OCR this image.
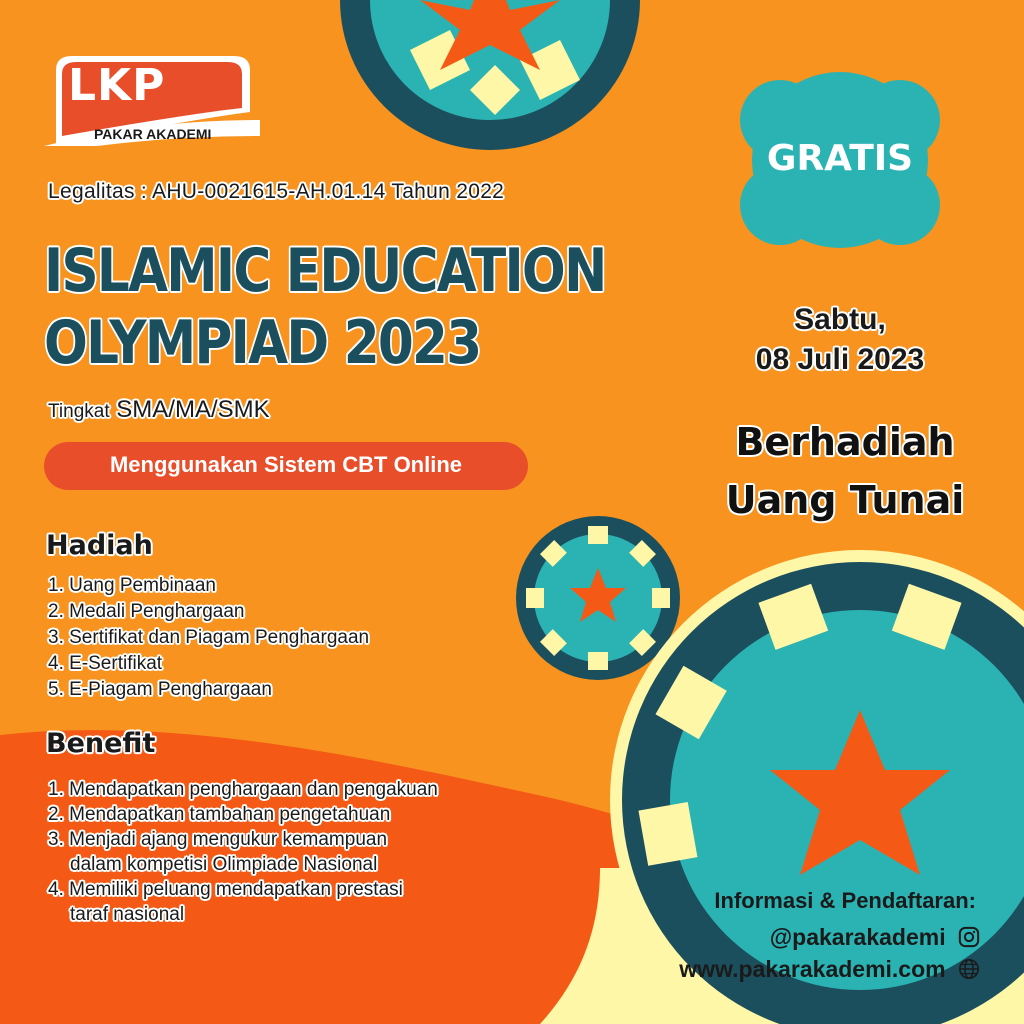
LKP
PAKAR AKADEMI
Legalitas : AHU-0021615-AH.01.14 Tahun 2022
ISLAMIC EDUCATION
OLYMPIAD 2023
Tingkat SMA/MA/SMK
Menggunakan Sistem CBT Online
Hadiah
1. Uang Pembinaan
2. Medali Penghargaan
3. Sertifikat dan Piagam Penghargaan
4. E-Sertifikat
5. E-Piagam Penghargaan
Benefit
1. Mendapatkan penghargaan dan pengakuan
2. Mendapatkan tambahan pengetahuan
3. Menjadi ajang mengukur kemampuan
dalam kompetisi Olimpiade Nasional
4. Memiliki peluang mendapatkan prestasi
taraf nasional
GRATIS
Sabtu,
08 Juli 2023
Berhadiah
Uang Tunai
Informasi & Pendaftaran:
@pakarakademi
www.pakarakademi.com
